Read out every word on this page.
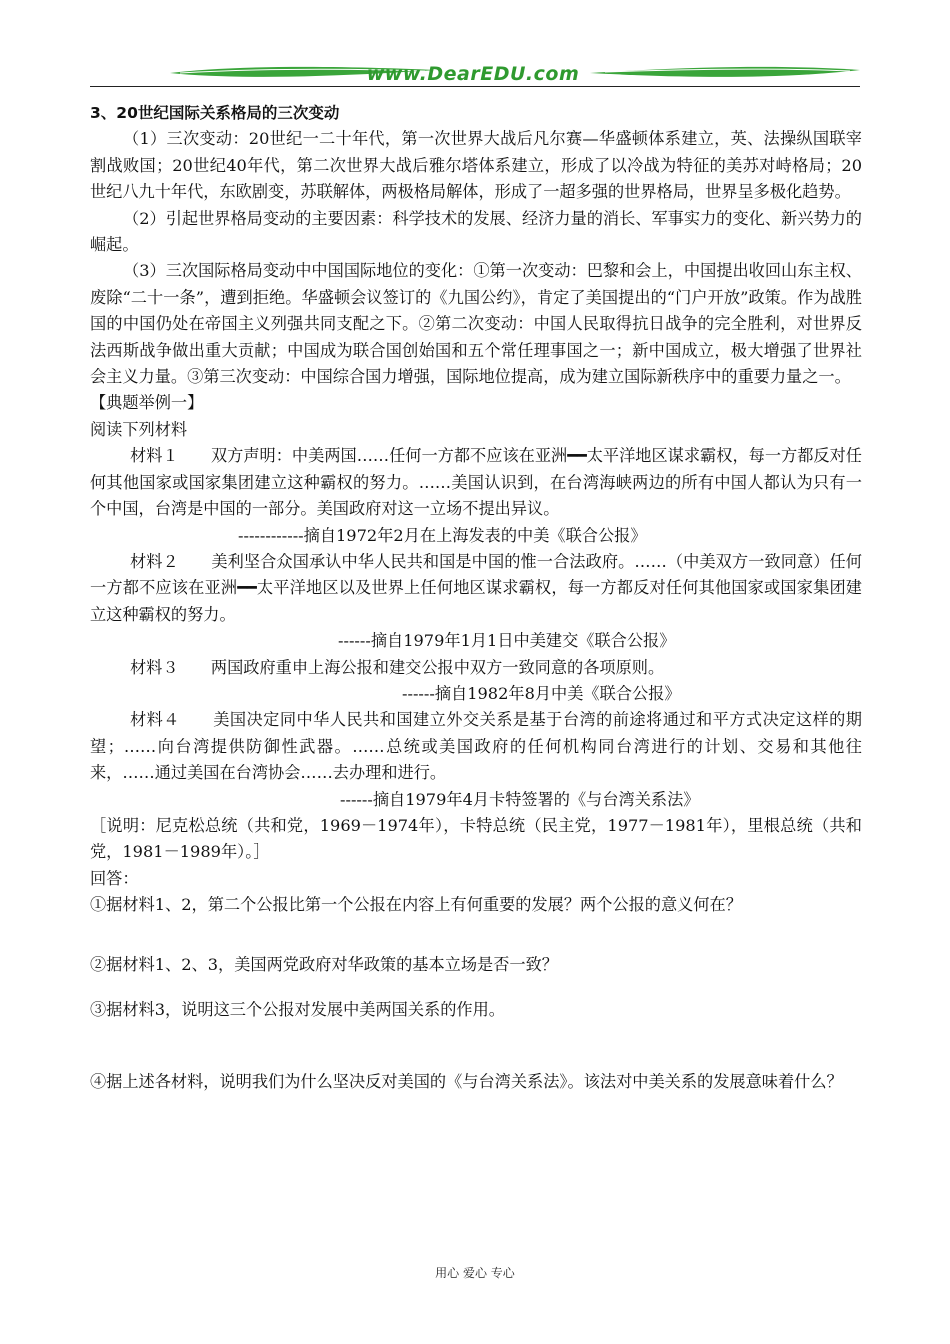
www.DearEDU.com

3、20世纪国际关系格局的三次变动

（1）三次变动：20世纪一二十年代，第一次世界大战后凡尔赛—华盛顿体系建立，英、法操纵国联宰割战败国；20世纪40年代，第二次世界大战后雅尔塔体系建立，形成了以冷战为特征的美苏对峙格局；20世纪八九十年代，东欧剧变，苏联解体，两极格局解体，形成了一超多强的世界格局，世界呈多极化趋势。

（2）引起世界格局变动的主要因素：科学技术的发展、经济力量的消长、军事实力的变化、新兴势力的崛起。

（3）三次国际格局变动中中国国际地位的变化：①第一次变动：巴黎和会上，中国提出收回山东主权、废除“二十一条”，遭到拒绝。华盛顿会议签订的《九国公约》，肯定了美国提出的“门户开放”政策。作为战胜国的中国仍处在帝国主义列强共同支配之下。②第二次变动：中国人民取得抗日战争的完全胜利，对世界反法西斯战争做出重大贡献；中国成为联合国创始国和五个常任理事国之一；新中国成立，极大增强了世界社会主义力量。③第三次变动：中国综合国力增强，国际地位提高，成为建立国际新秩序中的重要力量之一。

【典题举例一】

阅读下列材料

材料１　　双方声明：中美两国……任何一方都不应该在亚洲━━太平洋地区谋求霸权，每一方都反对任何其他国家或国家集团建立这种霸权的努力。……美国认识到，在台湾海峡两边的所有中国人都认为只有一个中国，台湾是中国的一部分。美国政府对这一立场不提出异议。

------------摘自1972年2月在上海发表的中美《联合公报》

材料２　　美利坚合众国承认中华人民共和国是中国的惟一合法政府。……（中美双方一致同意）任何一方都不应该在亚洲━━太平洋地区以及世界上任何地区谋求霸权，每一方都反对任何其他国家或国家集团建立这种霸权的努力。

------摘自1979年1月1日中美建交《联合公报》

材料３　　两国政府重申上海公报和建交公报中双方一致同意的各项原则。

------摘自1982年8月中美《联合公报》

材料４　　美国决定同中华人民共和国建立外交关系是基于台湾的前途将通过和平方式决定这样的期望；……向台湾提供防御性武器。……总统或美国政府的任何机构同台湾进行的计划、交易和其他往来，……通过美国在台湾协会……去办理和进行。

------摘自1979年4月卡特签署的《与台湾关系法》

［说明：尼克松总统（共和党，1969－1974年），卡特总统（民主党，1977－1981年），里根总统（共和党，1981－1989年）。］

回答：

①据材料1、2，第二个公报比第一个公报在内容上有何重要的发展？两个公报的意义何在？

②据材料1、2、3，美国两党政府对华政策的基本立场是否一致？

③据材料3，说明这三个公报对发展中美两国关系的作用。

④据上述各材料，说明我们为什么坚决反对美国的《与台湾关系法》。该法对中美关系的发展意味着什么？

用心 爱心 专心
